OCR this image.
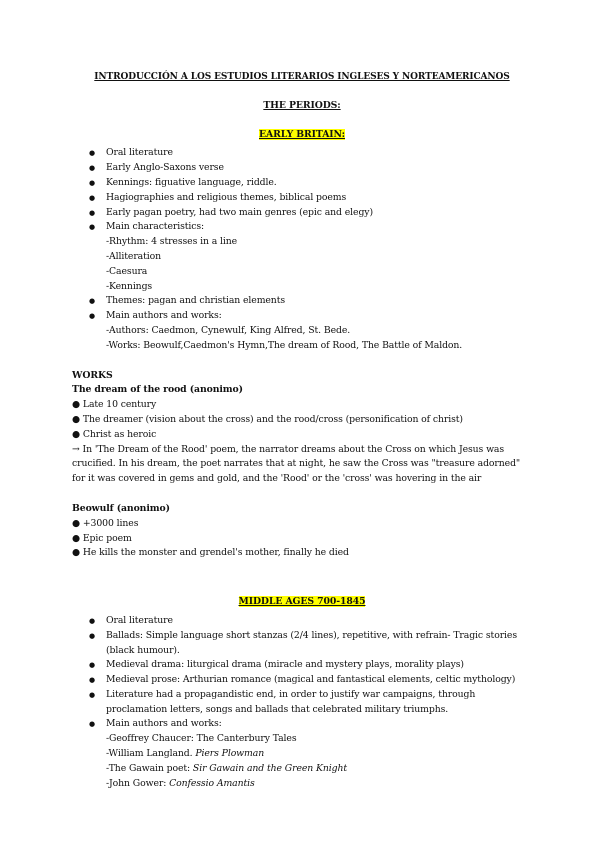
INTRODUCCIÓN A LOS ESTUDIOS LITERARIOS INGLESES Y NORTEAMERICANOS
THE PERIODS:
EARLY BRITAIN:
● Oral literature
● Early Anglo-Saxons verse
● Kennings: figuative language, riddle.
● Hagiographies and religious themes, biblical poems
● Early pagan poetry, had two main genres (epic and elegy)
● Main characteristics:
-Rhythm: 4 stresses in a line
-Alliteration
-Caesura
-Kennings
● Themes: pagan and christian elements
● Main authors and works:
-Authors: Caedmon, Cynewulf, King Alfred, St. Bede.
-Works: Beowulf,Caedmon's Hymn,The dream of Rood, The Battle of Maldon.
WORKS
The dream of the rood (anonimo)
● Late 10 century
● The dreamer (vision about the cross) and the rood/cross (personification of christ)
● Christ as heroic

→ In 'The Dream of the Rood' poem, the narrator dreams about the Cross on which Jesus was crucified. In his dream, the poet narrates that at night, he saw the Cross was "treasure adorned" for it was covered in gems and gold, and the 'Rood' or the 'cross' was hovering in the air

Beowulf (anonimo)
● +3000 lines
● Epic poem
● He kills the monster and grendel's mother, finally he died
MIDDLE AGES 700-1845
● Oral literature
● Ballads: Simple language short stanzas (2/4 lines), repetitive, with refrain- Tragic stories (black humour).
● Medieval drama: liturgical drama (miracle and mystery plays, morality plays)
● Medieval prose: Arthurian romance (magical and fantastical elements, celtic mythology)
● Literature had a propagandistic end, in order to justify war campaigns, through proclamation letters, songs and ballads that celebrated military triumphs.
● Main authors and works:
-Geoffrey Chaucer: The Canterbury Tales
-William Langland. Piers Plowman
-The Gawain poet: Sir Gawain and the Green Knight
-John Gower: Confessio Amantis
